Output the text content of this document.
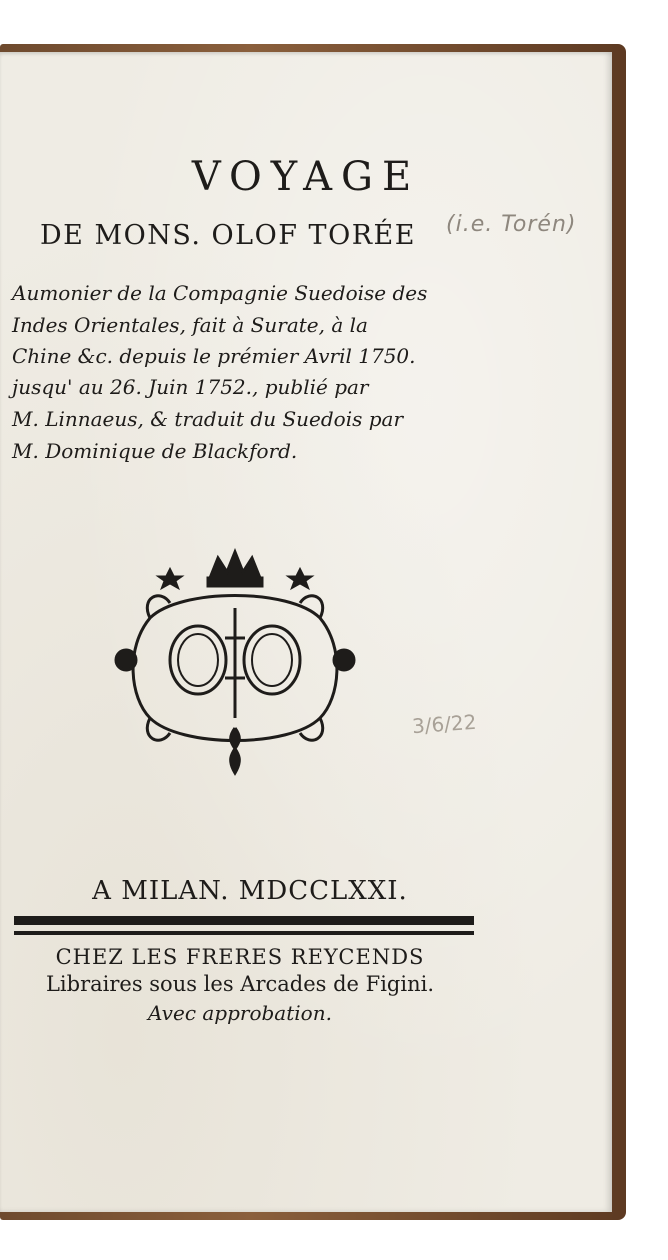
VOYAGE
DE MONS. OLOF TORÉE	(i.e. Torén)
Aumonier de la Compagnie Suedoise des
Indes Orientales, fait à Surate, à la
Chine &c. depuis le prémier Avril 1750.
jusqu' au 26. Juin 1752., publié par
M. Linnaeus, & traduit du Suedois par
M. Dominique de Blackford.
3/6/22
A MILAN. MDCCLXXI.
CHEZ LES FRERES REYCENDS
Libraires sous les Arcades de Figini.
Avec approbation.
